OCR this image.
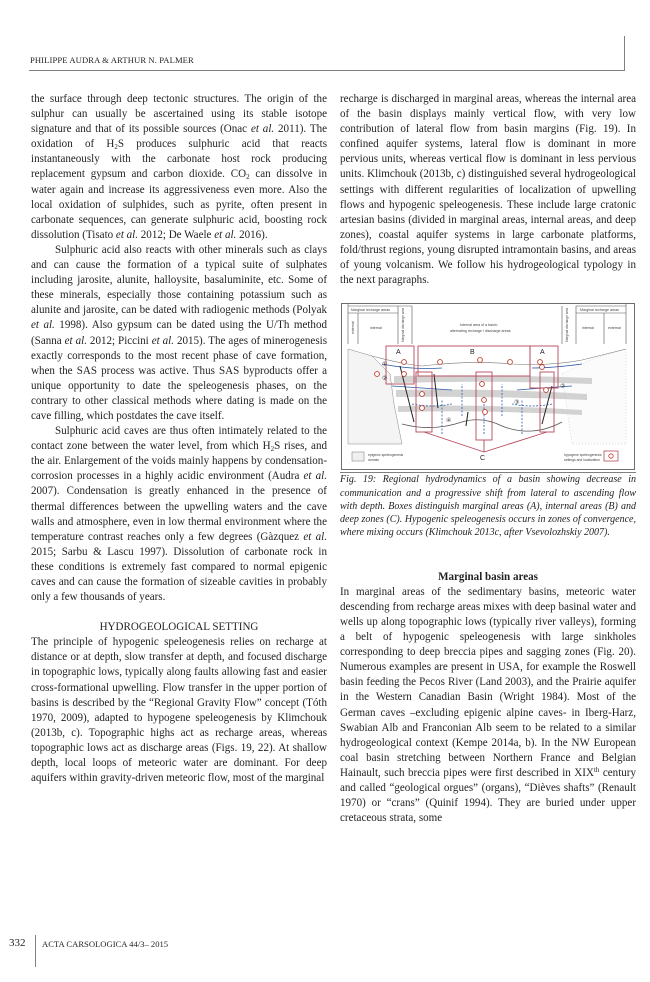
PHILIPPE AUDRA & ARTHUR N. PALMER

the surface through deep tectonic structures. The origin of the sulphur can usually be ascertained using its stable isotope signature and that of its possible sources (Onac et al. 2011). The oxidation of $H_2S$ produces sulphuric acid that reacts instantaneously with the carbonate host rock producing replacement gypsum and carbon dioxide. $CO_2$ can dissolve in water again and increase its aggressiveness even more. Also the local oxidation of sulphides, such as pyrite, often present in carbonate sequences, can generate sulphuric acid, boosting rock dissolution (Tisato et al. 2012; De Waele et al. 2016).

Sulphuric acid also reacts with other minerals such as clays and can cause the formation of a typical suite of sulphates including jarosite, alunite, halloysite, basaluminite, etc. Some of these minerals, especially those containing potassium such as alunite and jarosite, can be dated with radiogenic methods (Polyak et al. 1998). Also gypsum can be dated using the U/Th method (Sanna et al. 2012; Piccini et al. 2015). The ages of minerogenesis exactly corresponds to the most recent phase of cave formation, when the SAS process was active. Thus SAS byproducts offer a unique opportunity to date the speleogenesis phases, on the contrary to other classical methods where dating is made on the cave filling, which postdates the cave itself.

Sulphuric acid caves are thus often intimately related to the contact zone between the water level, from which $H_2S$ rises, and the air. Enlargement of the voids mainly happens by condensation-corrosion processes in a highly acidic environment (Audra et al. 2007). Condensation is greatly enhanced in the presence of thermal differences between the upwelling waters and the cave walls and atmosphere, even in low thermal environment where the temperature contrast reaches only a few degrees (Gàzquez et al. 2015; Sarbu & Lascu 1997). Dissolution of carbonate rock in these conditions is extremely fast compared to normal epigenic caves and can cause the formation of sizeable cavities in probably only a few thousands of years.

HYDROGEOLOGICAL SETTING

The principle of hypogenic speleogenesis relies on recharge at distance or at depth, slow transfer at depth, and focused discharge in topographic lows, typically along faults allowing fast and easier cross-formational upwelling. Flow transfer in the upper portion of basins is described by the “Regional Gravity Flow” concept (Tóth 1970, 2009), adapted to hypogene speleogenesis by Klimchouk (2013b, c). Topographic highs act as recharge areas, whereas topographic lows act as discharge areas (Figs. 19, 22). At shallow depth, local loops of meteoric water are dominant. For deep aquifers within gravity-driven meteoric flow, most of the marginal

recharge is discharged in marginal areas, whereas the internal area of the basin displays mainly vertical flow, with very low contribution of lateral flow from basin margins (Fig. 19). In confined aquifer systems, lateral flow is dominant in more pervious units, whereas vertical flow is dominant in less pervious units. Klimchouk (2013b, c) distinguished several hydrogeological settings with different regularities of localization of upwelling flows and hypogenic speleogenesis. These include large cratonic artesian basins (divided in marginal areas, internal areas, and deep zones), coastal aquifer systems in large carbonate platforms, fold/thrust regions, young disrupted intramontain basins, and areas of young volcanism. We follow his hydrogeological typology in the next paragraphs.

Marginal recharge areas
external	internal	Marginal discharge area	Internal area of a basin:
alternating recharge / discharge areas	Marginal discharge area	Marginal recharge areas
internal	external
A	B	A
C
①
②
③
④
②
epigenic speleogenesis
domain
hypogene speleogenesis
settings and localization

Fig. 19: Regional hydrodynamics of a basin showing decrease in communication and a progressive shift from lateral to ascending flow with depth. Boxes distinguish marginal areas (A), internal areas (B) and deep zones (C). Hypogenic speleogenesis occurs in zones of convergence, where mixing occurs (Klimchouk 2013c, after Vsevolozhskiy 2007).

Marginal basin areas

In marginal areas of the sedimentary basins, meteoric water descending from recharge areas mixes with deep basinal water and wells up along topographic lows (typically river valleys), forming a belt of hypogenic speleogenesis with large sinkholes corresponding to deep breccia pipes and sagging zones (Fig. 20). Numerous examples are present in USA, for example the Roswell basin feeding the Pecos River (Land 2003), and the Prairie aquifer in the Western Canadian Basin (Wright 1984). Most of the German caves –excluding epigenic alpine caves- in Iberg-Harz, Swabian Alb and Franconian Alb seem to be related to a similar hydrogeological context (Kempe 2014a, b). In the NW European coal basin stretching between Northern France and Belgian Hainault, such breccia pipes were first described in XIXth century and called “geological orgues” (organs), “Dièves shafts” (Renault 1970) or “crans” (Quinif 1994). They are buried under upper cretaceous strata, some

332 ACTA CARSOLOGICA 44/3– 2015
